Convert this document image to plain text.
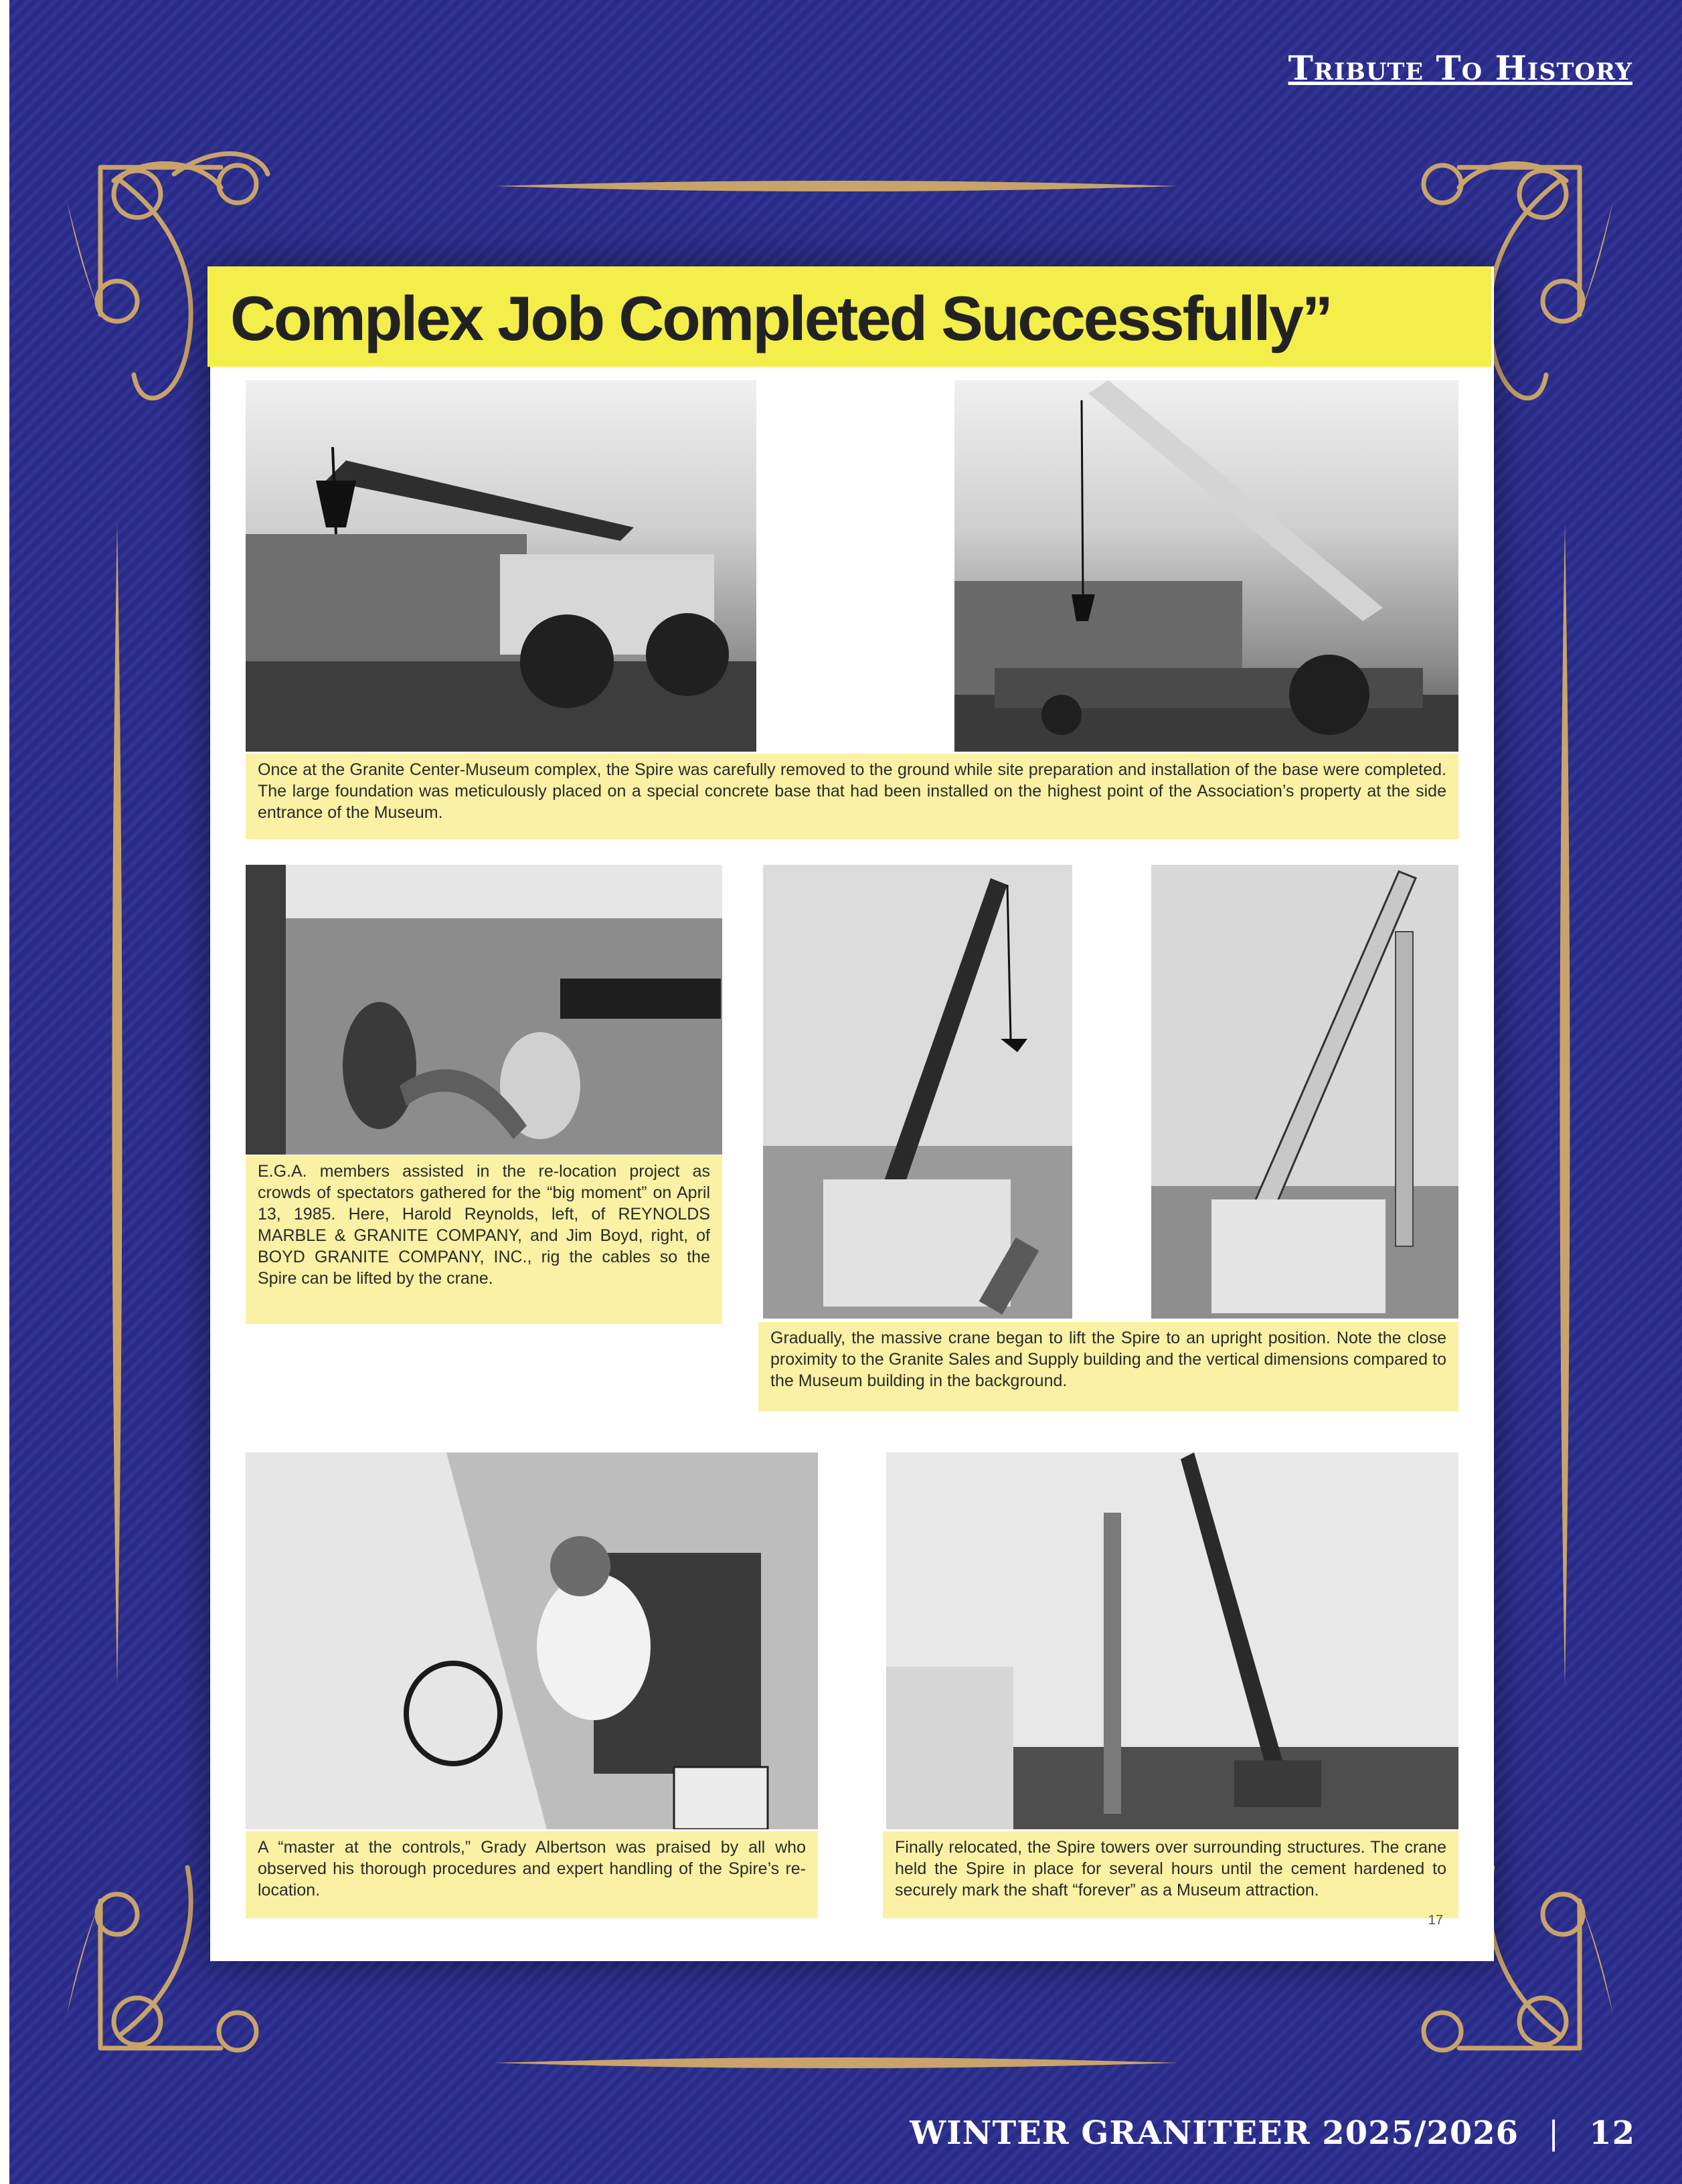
Tribute To History
Complex Job Completed Successfully”

Once at the Granite Center-Museum complex, the Spire was carefully removed to the ground while site preparation and installation of the base were completed. The large foundation was meticulously placed on a special concrete base that had been installed on the highest point of the Association’s property at the side entrance of the Museum.

E.G.A. members assisted in the re-location project as crowds of spectators gathered for the “big moment” on April 13, 1985. Here, Harold Reynolds, left, of REYNOLDS MARBLE & GRANITE COMPANY, and Jim Boyd, right, of BOYD GRANITE COMPANY, INC., rig the cables so the Spire can be lifted by the crane.

Gradually, the massive crane began to lift the Spire to an upright position. Note the close proximity to the Granite Sales and Supply building and the vertical dimensions compared to the Museum building in the background.

A “master at the controls,” Grady Albertson was praised by all who observed his thorough procedures and expert handling of the Spire’s re-location.

Finally relocated, the Spire towers over surrounding structures. The crane held the Spire in place for several hours until the cement hardened to securely mark the shaft “forever” as a Museum attraction.

17
WINTER GRANITEER 2025/2026 | 12
